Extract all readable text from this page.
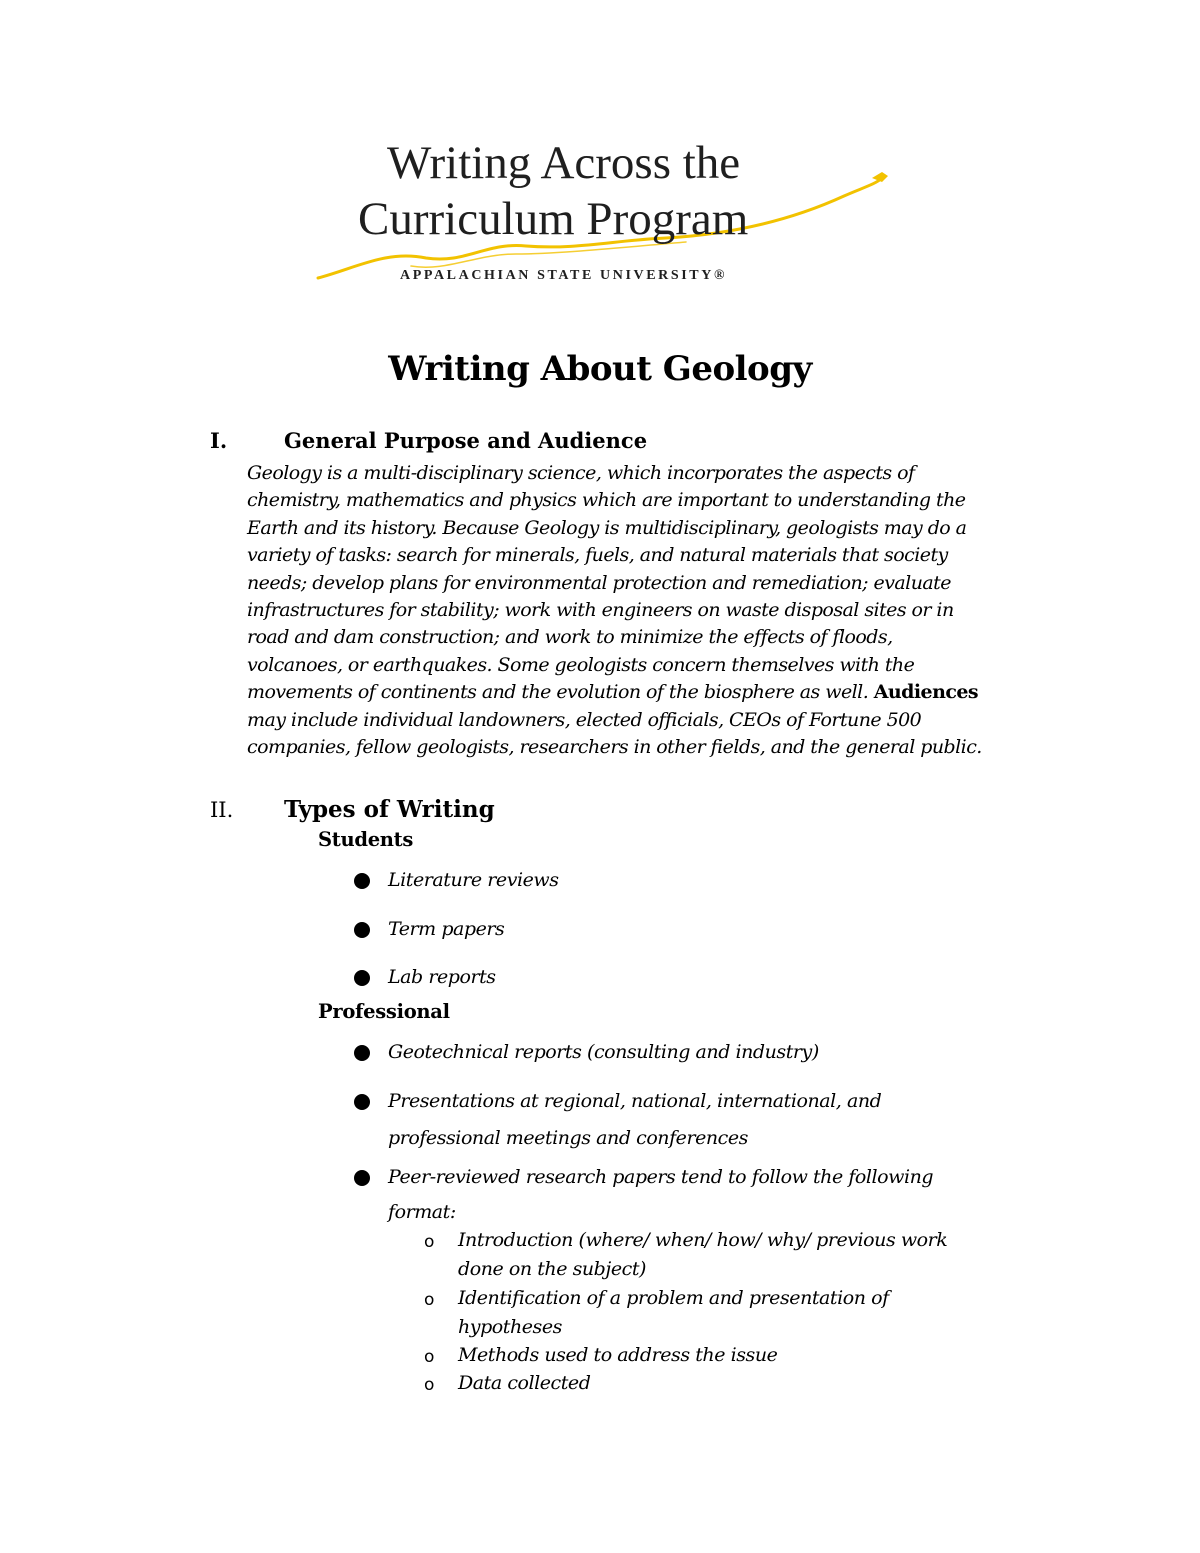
Writing Across the
Curriculum Program
APPALACHIAN STATE UNIVERSITY®
Writing About Geology
I.	General Purpose and Audience
Geology is a multi-disciplinary science, which incorporates the aspects of
chemistry, mathematics and physics which are important to understanding the
Earth and its history. Because Geology is multidisciplinary, geologists may do a
variety of tasks: search for minerals, fuels, and natural materials that society
needs; develop plans for environmental protection and remediation; evaluate
infrastructures for stability; work with engineers on waste disposal sites or in
road and dam construction; and work to minimize the effects of floods,
volcanoes, or earthquakes. Some geologists concern themselves with the
movements of continents and the evolution of the biosphere as well. Audiences
may include individual landowners, elected officials, CEOs of Fortune 500
companies, fellow geologists, researchers in other fields, and the general public.
II. Types of Writing
Students
Literature reviews
Term papers
Lab reports
Professional
Geotechnical reports (consulting and industry)
Presentations at regional, national, international, and
professional meetings and conferences
Peer-reviewed research papers tend to follow the following
format:
o Introduction (where/ when/ how/ why/ previous work
done on the subject)
o Identification of a problem and presentation of
hypotheses
o Methods used to address the issue
o Data collected
